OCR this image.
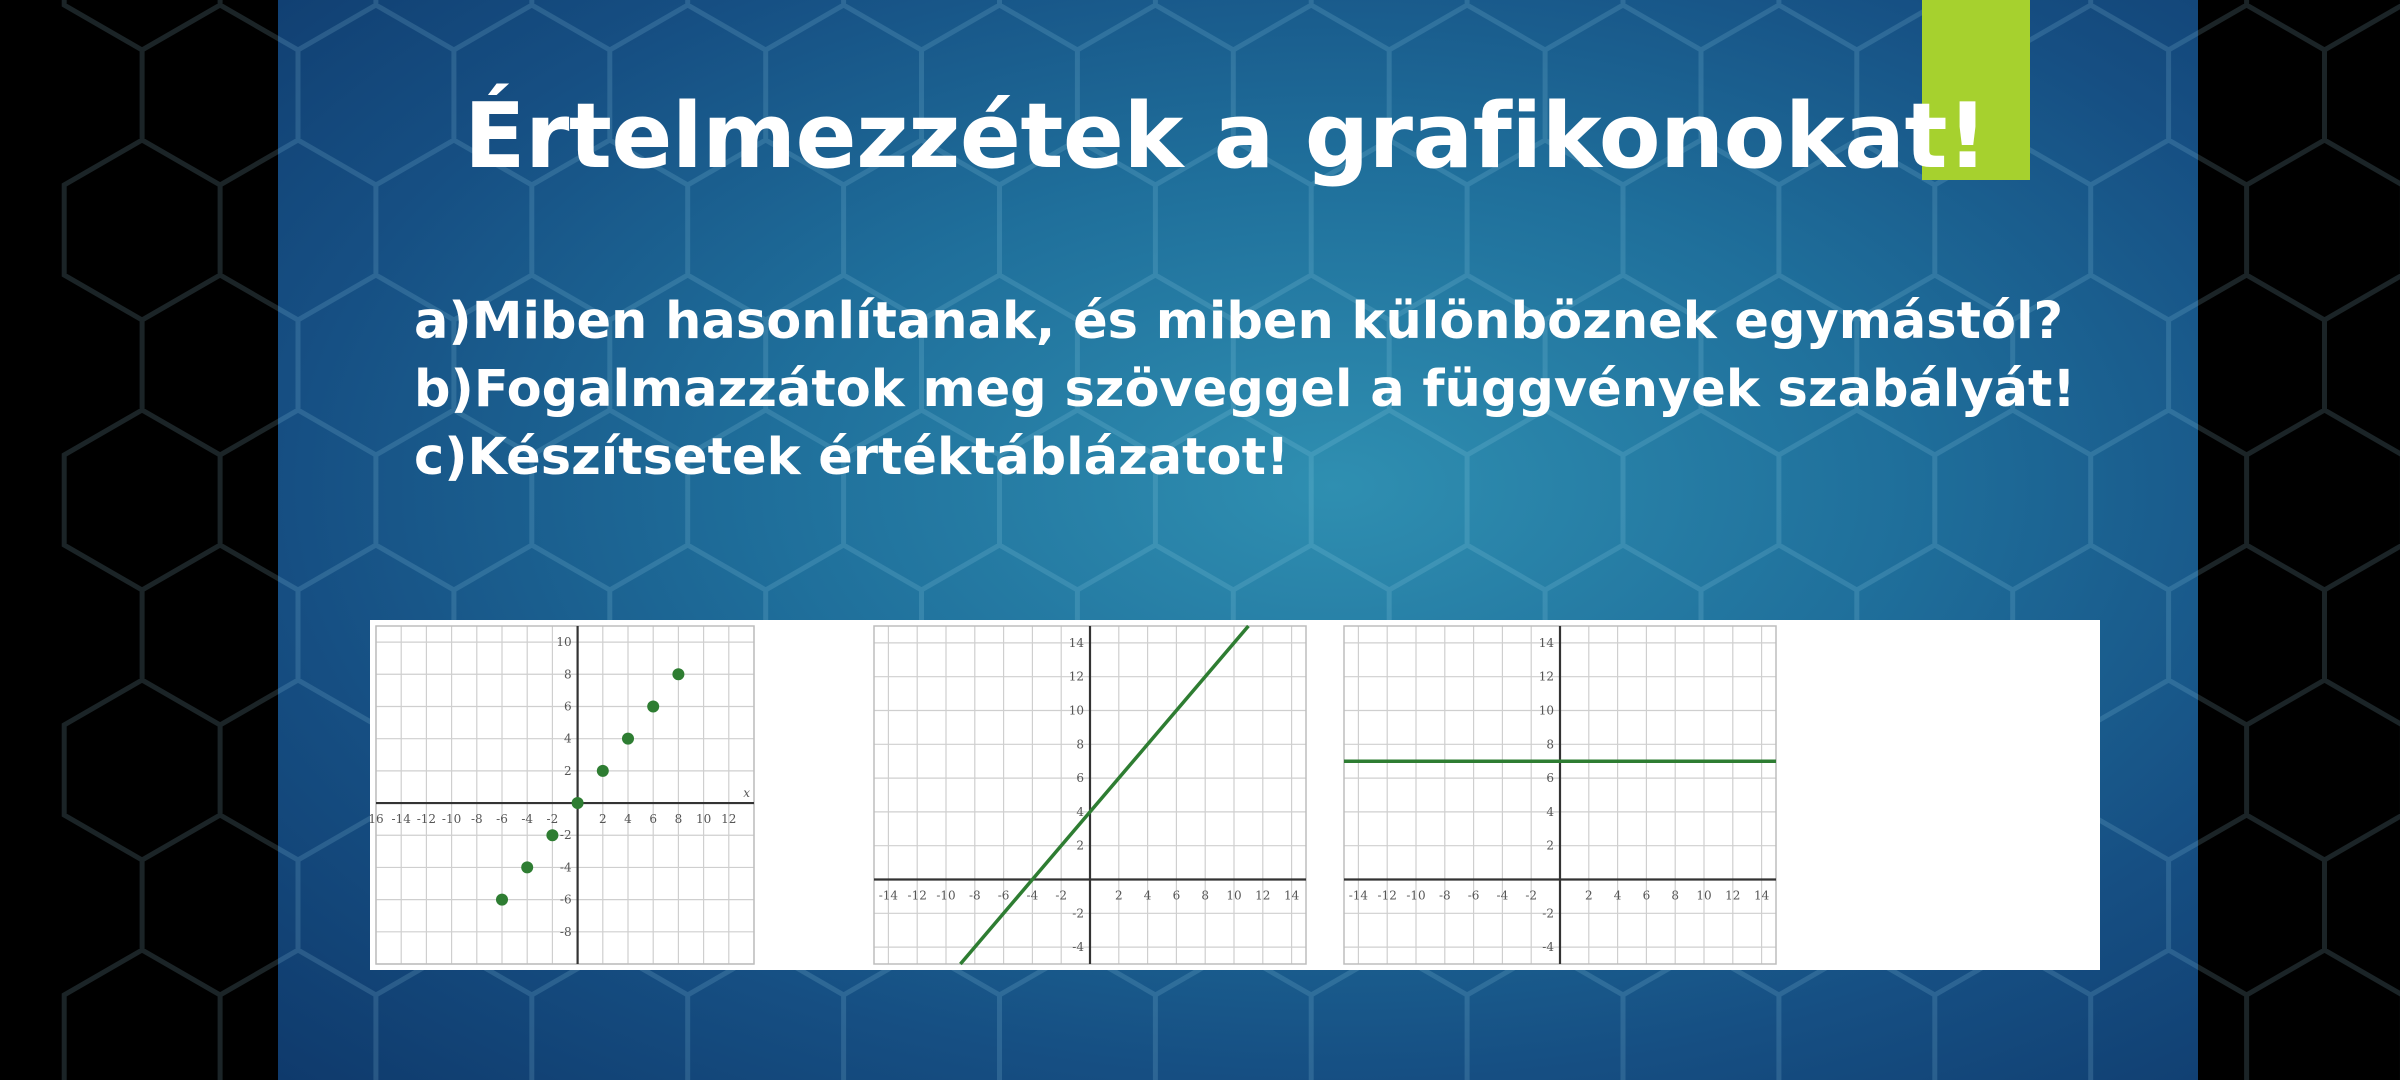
Értelmezzétek a grafikonokat!
a)Miben hasonlítanak, és miben különböznek egymástól?
b)Fogalmazzátok meg szöveggel a függvények szabályát!
c)Készítsetek értéktáblázatot!
16 -14 -12 -10 -8 -6 -4 -2	2 4 6 8 10 12
10
8
6
4
2
-2
-4
-6
-8
x
-14 -12 -10 -8 -6 -4 -2	2 4 6 8 10 12 14
14
12
10
8
6
4
2
-2
-4
-14 -12 -10 -8 -6 -4 -2	2 4 6 8 10 12 14
14
12
10
8
6
4
2
-2
-4
